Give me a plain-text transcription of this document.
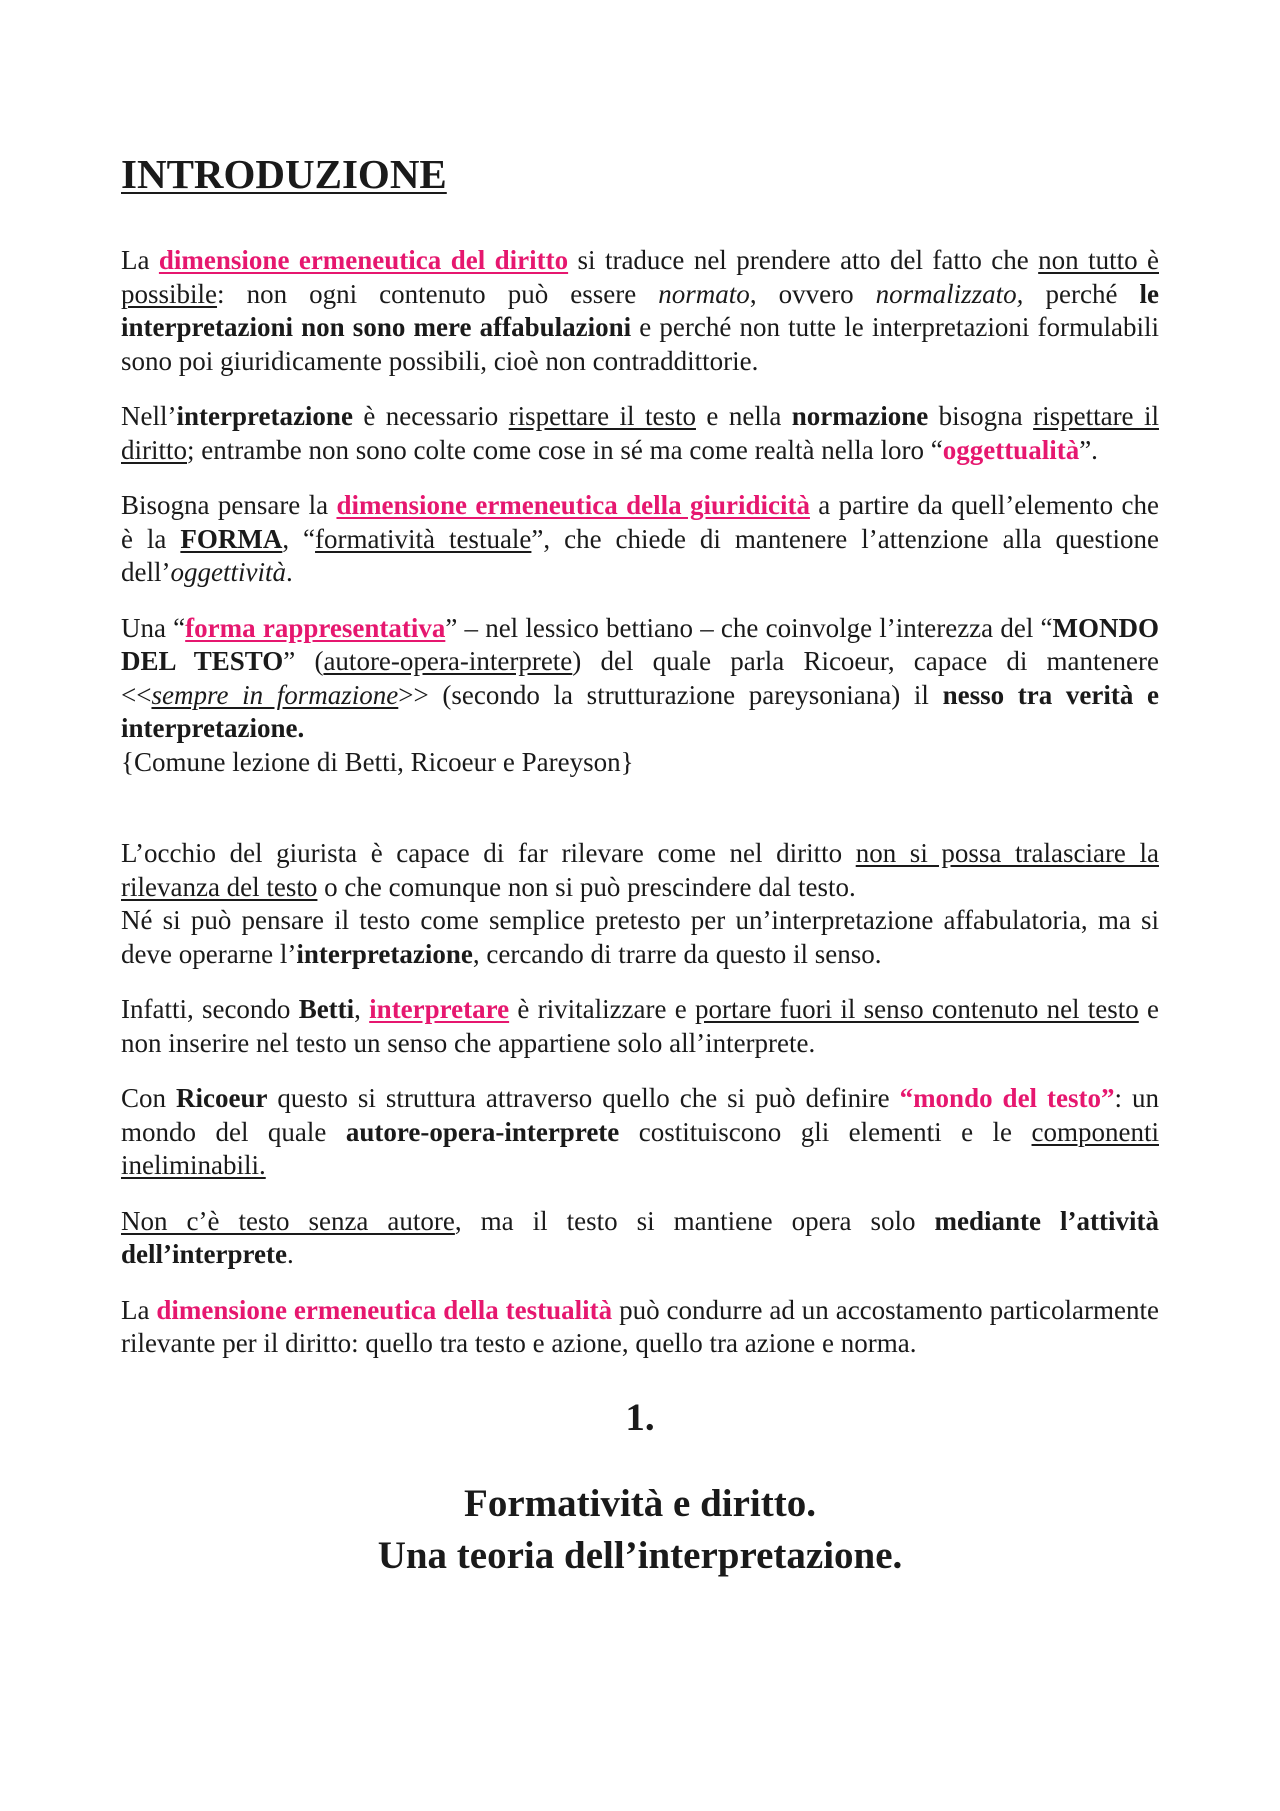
INTRODUZIONE

La dimensione ermeneutica del diritto si traduce nel prendere atto del fatto che non tutto è possibile: non ogni contenuto può essere normato, ovvero normalizzato, perché le interpretazioni non sono mere affabulazioni e perché non tutte le interpretazioni formulabili sono poi giuridicamente possibili, cioè non contraddittorie.

Nell’interpretazione è necessario rispettare il testo e nella normazione bisogna rispettare il diritto; entrambe non sono colte come cose in sé ma come realtà nella loro “oggettualità”.

Bisogna pensare la dimensione ermeneutica della giuridicità a partire da quell’elemento che è la FORMA, “formatività testuale”, che chiede di mantenere l’attenzione alla questione dell’oggettività.

Una “forma rappresentativa” – nel lessico bettiano – che coinvolge l’interezza del “MONDO DEL TESTO” (autore-opera-interprete) del quale parla Ricoeur, capace di mantenere <<sempre in formazione>> (secondo la strutturazione pareysoniana) il nesso tra verità e interpretazione.

{Comune lezione di Betti, Ricoeur e Pareyson}

L’occhio del giurista è capace di far rilevare come nel diritto non si possa tralasciare la rilevanza del testo o che comunque non si può prescindere dal testo.
Né si può pensare il testo come semplice pretesto per un’interpretazione affabulatoria, ma si deve operarne l’interpretazione, cercando di trarre da questo il senso.

Infatti, secondo Betti, interpretare è rivitalizzare e portare fuori il senso contenuto nel testo e non inserire nel testo un senso che appartiene solo all’interprete.

Con Ricoeur questo si struttura attraverso quello che si può definire “mondo del testo”: un mondo del quale autore-opera-interprete costituiscono gli elementi e le componenti ineliminabili.

Non c’è testo senza autore, ma il testo si mantiene opera solo mediante l’attività dell’interprete.

La dimensione ermeneutica della testualità può condurre ad un accostamento particolarmente rilevante per il diritto: quello tra testo e azione, quello tra azione e norma.

1.
Formatività e diritto.
Una teoria dell’interpretazione.
